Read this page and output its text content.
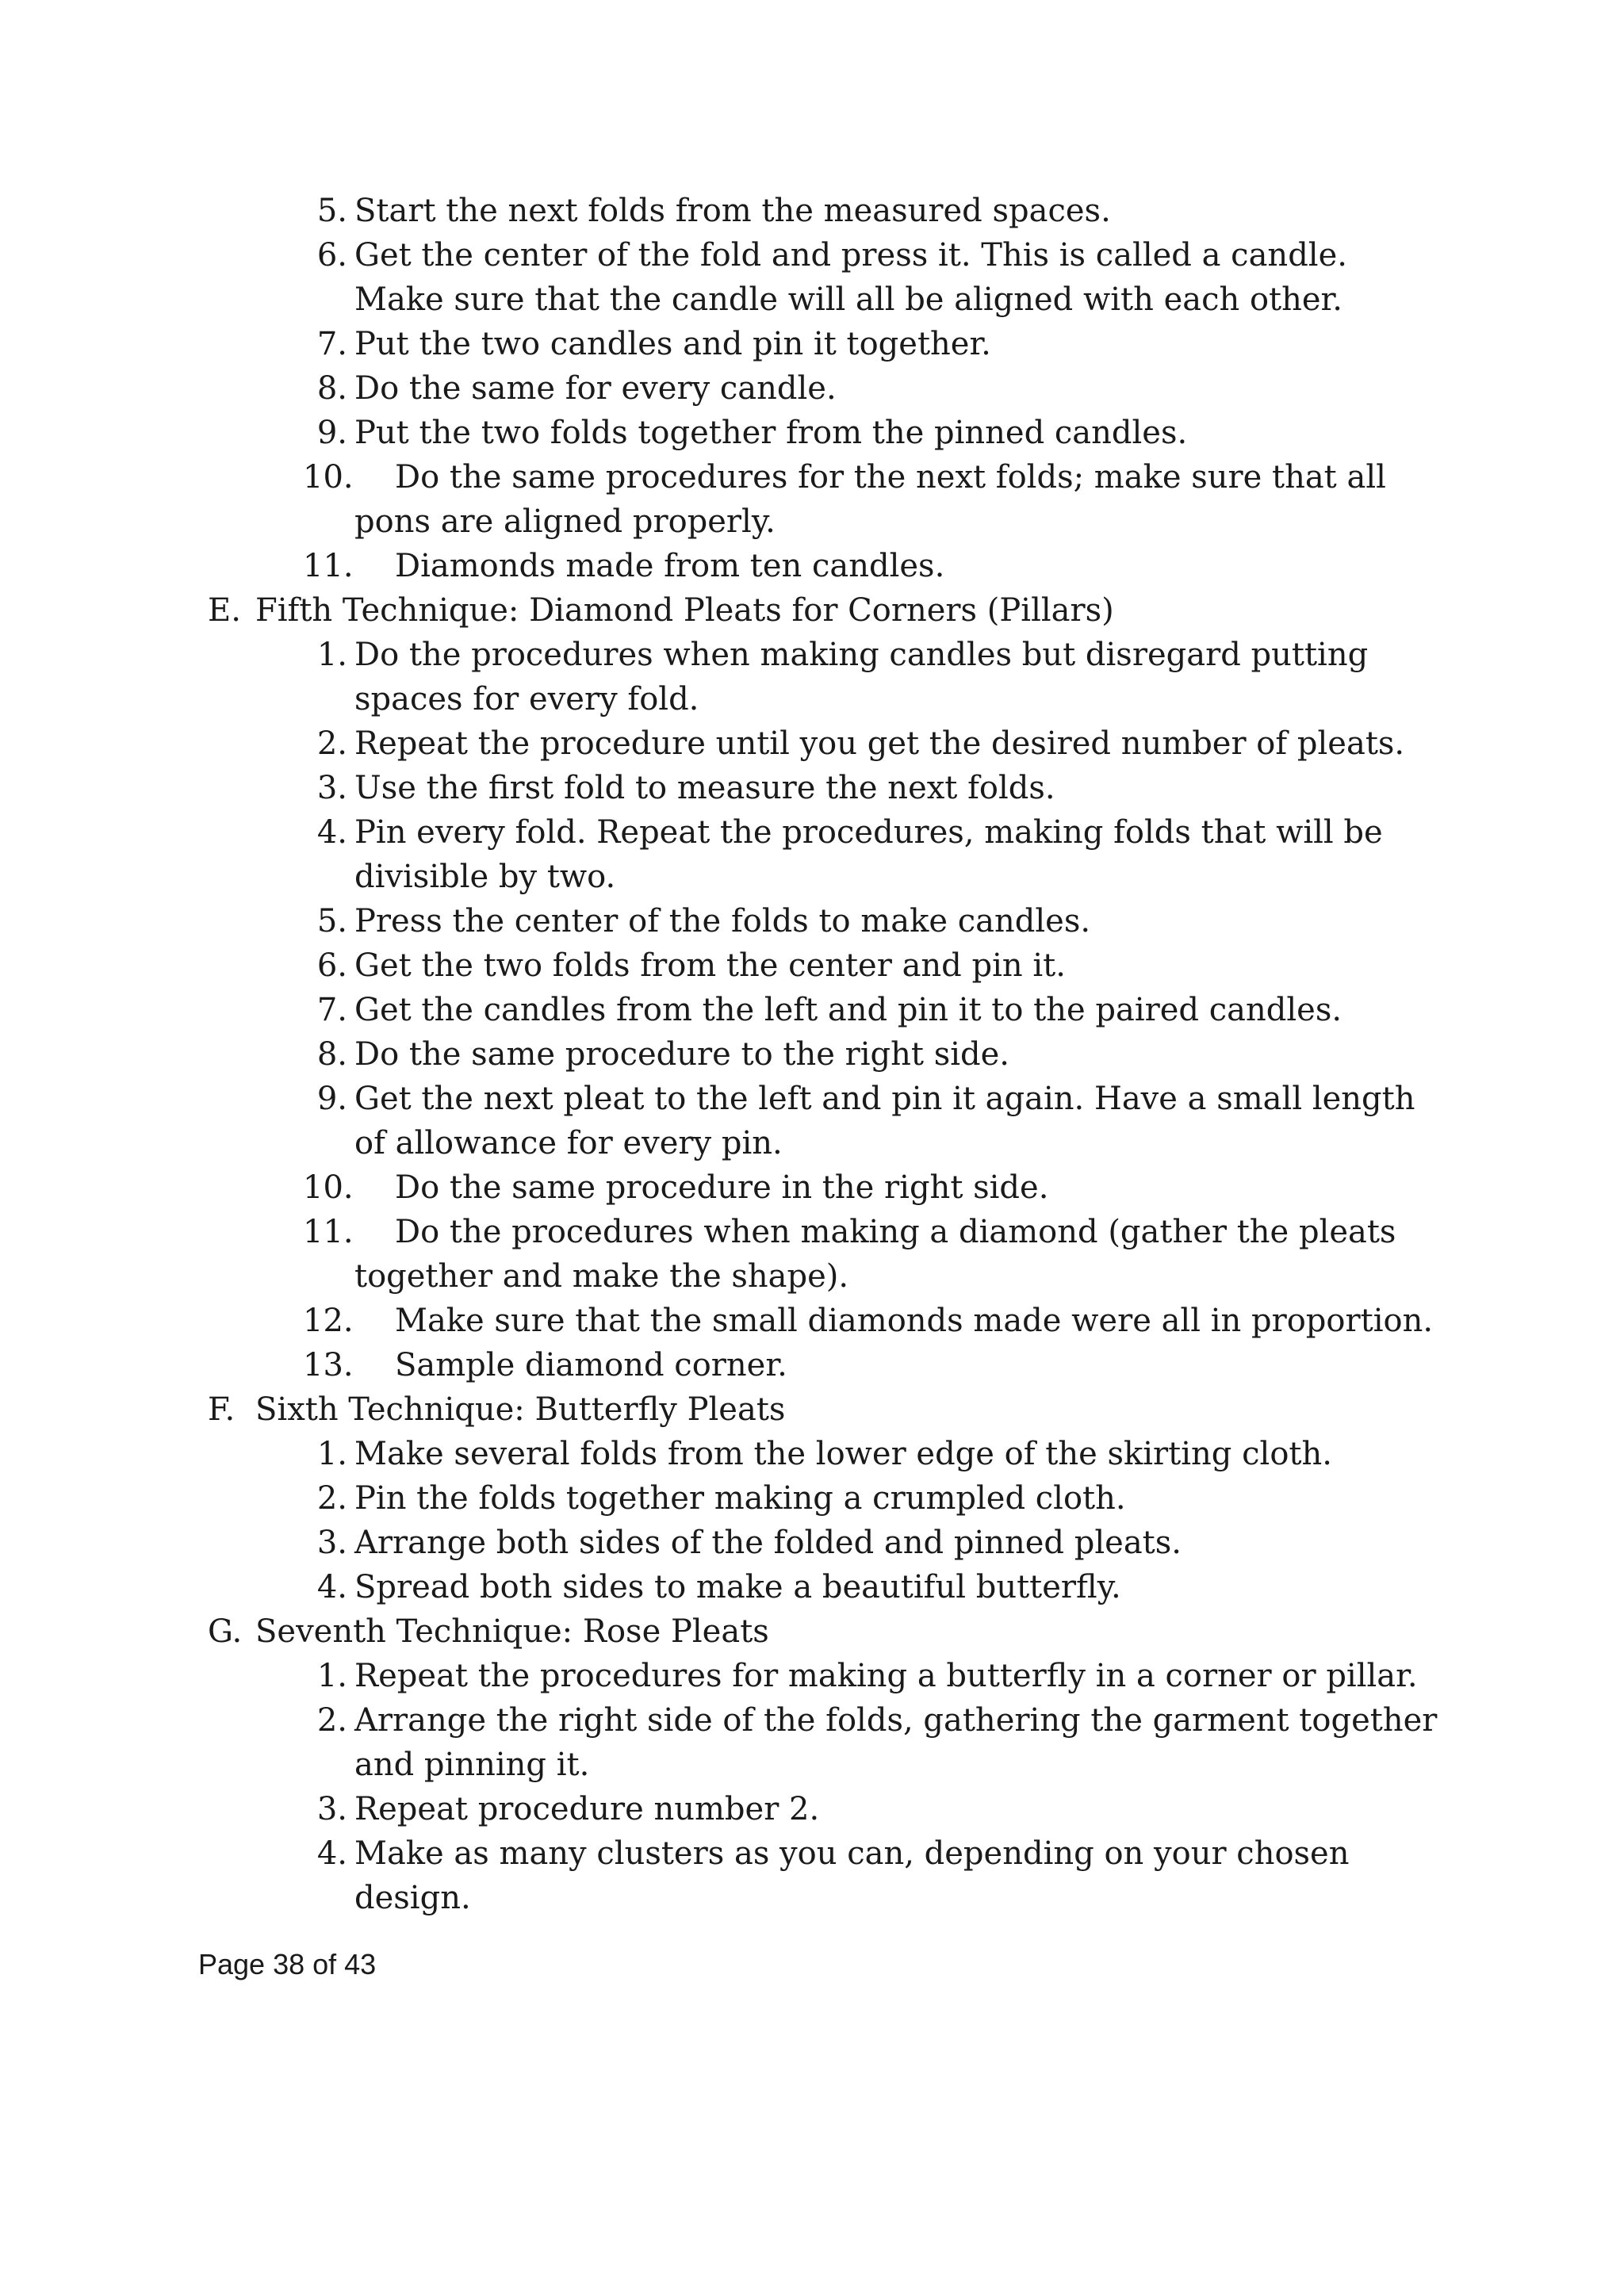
5. Start the next folds from the measured spaces.
6. Get the center of the fold and press it. This is called a candle.
Make sure that the candle will all be aligned with each other.
7. Put the two candles and pin it together.
8. Do the same for every candle.
9. Put the two folds together from the pinned candles.
10. Do the same procedures for the next folds; make sure that all
pons are aligned properly.
11. Diamonds made from ten candles.
E. Fifth Technique: Diamond Pleats for Corners (Pillars)
1. Do the procedures when making candles but disregard putting
spaces for every fold.
2. Repeat the procedure until you get the desired number of pleats.
3. Use the first fold to measure the next folds.
4. Pin every fold. Repeat the procedures, making folds that will be
divisible by two.
5. Press the center of the folds to make candles.
6. Get the two folds from the center and pin it.
7. Get the candles from the left and pin it to the paired candles.
8. Do the same procedure to the right side.
9. Get the next pleat to the left and pin it again. Have a small length
of allowance for every pin.
10. Do the same procedure in the right side.
11. Do the procedures when making a diamond (gather the pleats
together and make the shape).
12. Make sure that the small diamonds made were all in proportion.
13. Sample diamond corner.
F. Sixth Technique: Butterfly Pleats
1. Make several folds from the lower edge of the skirting cloth.
2. Pin the folds together making a crumpled cloth.
3. Arrange both sides of the folded and pinned pleats.
4. Spread both sides to make a beautiful butterfly.
G. Seventh Technique: Rose Pleats
1. Repeat the procedures for making a butterfly in a corner or pillar.
2. Arrange the right side of the folds, gathering the garment together
and pinning it.
3. Repeat procedure number 2.
4. Make as many clusters as you can, depending on your chosen
design.
Page 38 of 43
